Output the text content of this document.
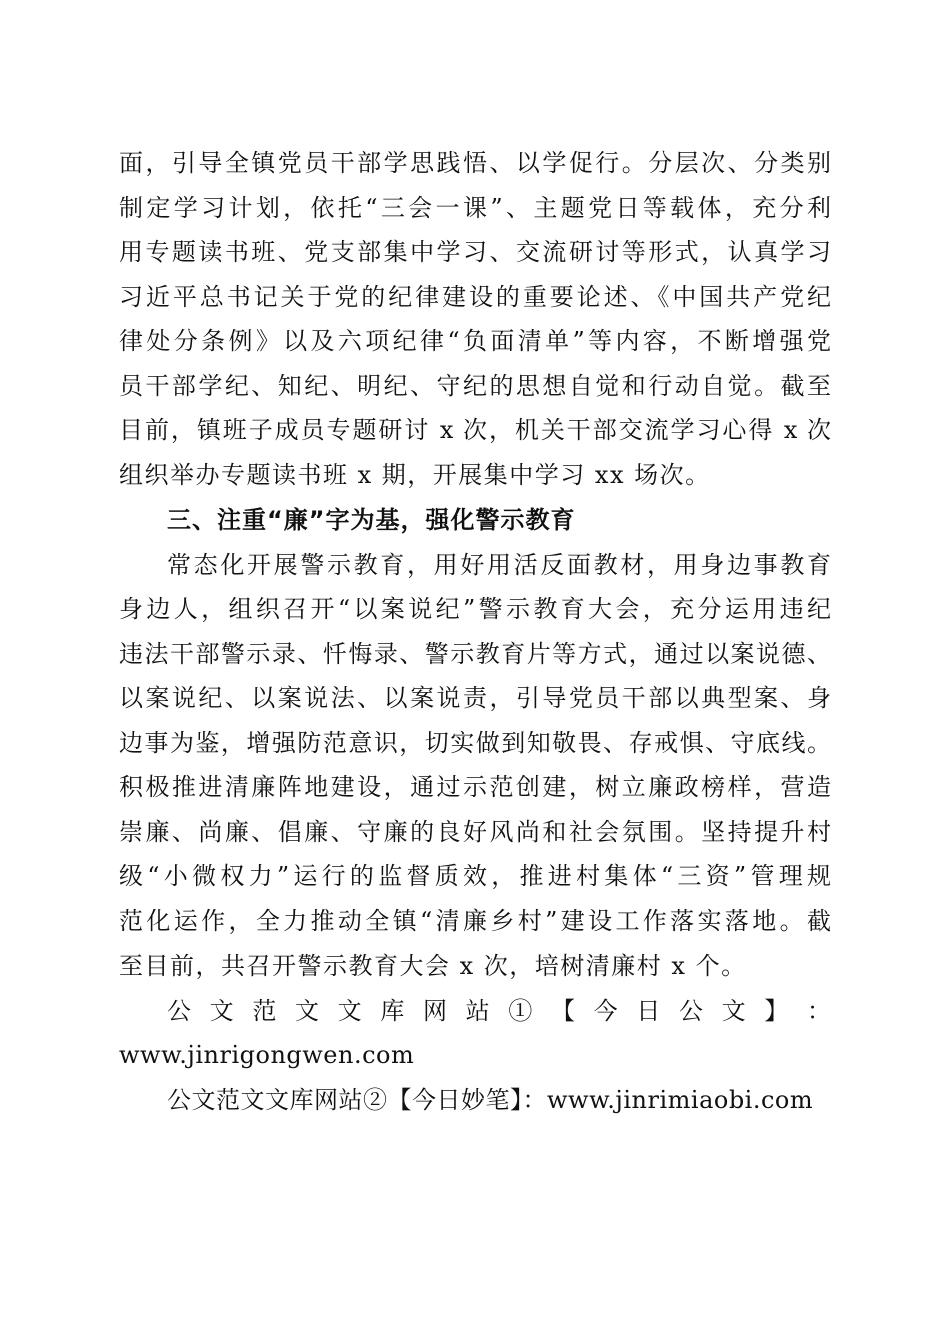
面，引导全镇党员干部学思践悟、以学促行。分层次、分类别
制定学习计划，依托“三会一课”、主题党日等载体，充分利
用专题读书班、党支部集中学习、交流研讨等形式，认真学习
习近平总书记关于党的纪律建设的重要论述、《中国共产党纪
律处分条例》以及六项纪律“负面清单”等内容，不断增强党
员干部学纪、知纪、明纪、守纪的思想自觉和行动自觉。截至
目前，镇班子成员专题研讨 x 次，机关干部交流学习心得 x 次
组织举办专题读书班 x 期，开展集中学习 xx 场次。
三、注重“廉”字为基，强化警示教育
常态化开展警示教育，用好用活反面教材，用身边事教育
身边人，组织召开“以案说纪”警示教育大会，充分运用违纪
违法干部警示录、忏悔录、警示教育片等方式，通过以案说德、
以案说纪、以案说法、以案说责，引导党员干部以典型案、身
边事为鉴，增强防范意识，切实做到知敬畏、存戒惧、守底线。
积极推进清廉阵地建设，通过示范创建，树立廉政榜样，营造
崇廉、尚廉、倡廉、守廉的良好风尚和社会氛围。坚持提升村
级“小微权力”运行的监督质效，推进村集体“三资”管理规
范化运作，全力推动全镇“清廉乡村”建设工作落实落地。截
至目前，共召开警示教育大会 x 次，培树清廉村 x 个。
公 文 范 文 文 库 网 站 ① 【 今 日 公 文 】 ：
www.jinrigongwen.com
公文范文文库网站②【今日妙笔】：www.jinrimiaobi.com
